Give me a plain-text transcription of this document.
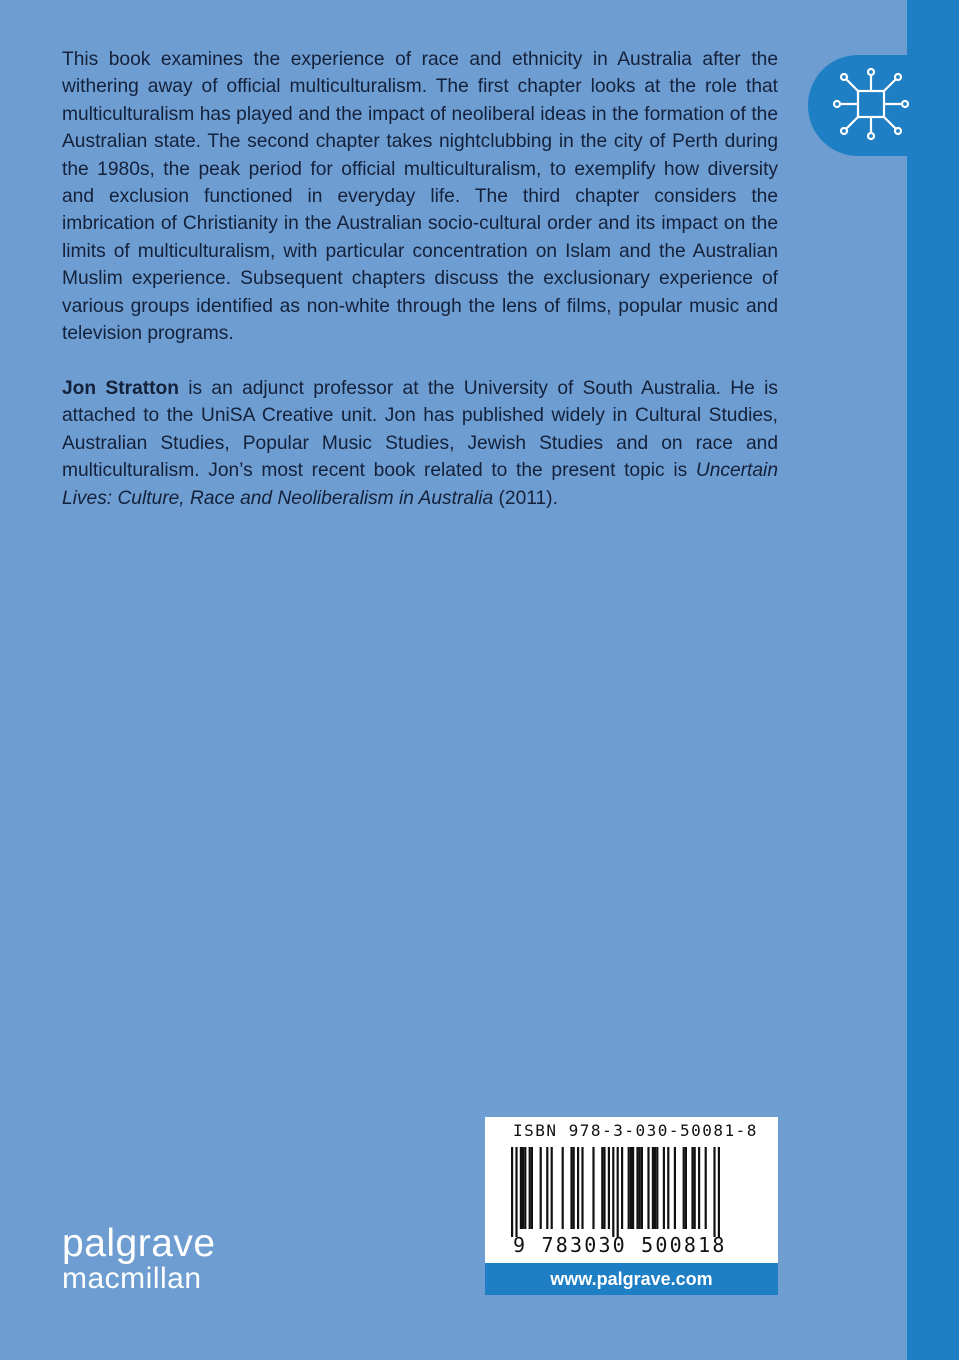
This book examines the experience of race and ethnicity in Australia after the withering away of official multiculturalism. The first chapter looks at the role that multiculturalism has played and the impact of neoliberal ideas in the formation of the Australian state. The second chapter takes nightclubbing in the city of Perth during the 1980s, the peak period for official multiculturalism, to exemplify how diversity and exclusion functioned in everyday life. The third chapter considers the imbrication of Christianity in the Australian socio-cultural order and its impact on the limits of multiculturalism, with particular concentration on Islam and the Australian Muslim experience. Subsequent chapters discuss the exclusionary experience of various groups identified as non-white through the lens of films, popular music and television programs.

Jon Stratton is an adjunct professor at the University of South Australia. He is attached to the UniSA Creative unit. Jon has published widely in Cultural Studies, Australian Studies, Popular Music Studies, Jewish Studies and on race and multiculturalism. Jon’s most recent book related to the present topic is Uncertain Lives: Culture, Race and Neoliberalism in Australia (2011).

palgrave
macmillan
ISBN 978-3-030-50081-8
9 783030 500818
www.palgrave.com
